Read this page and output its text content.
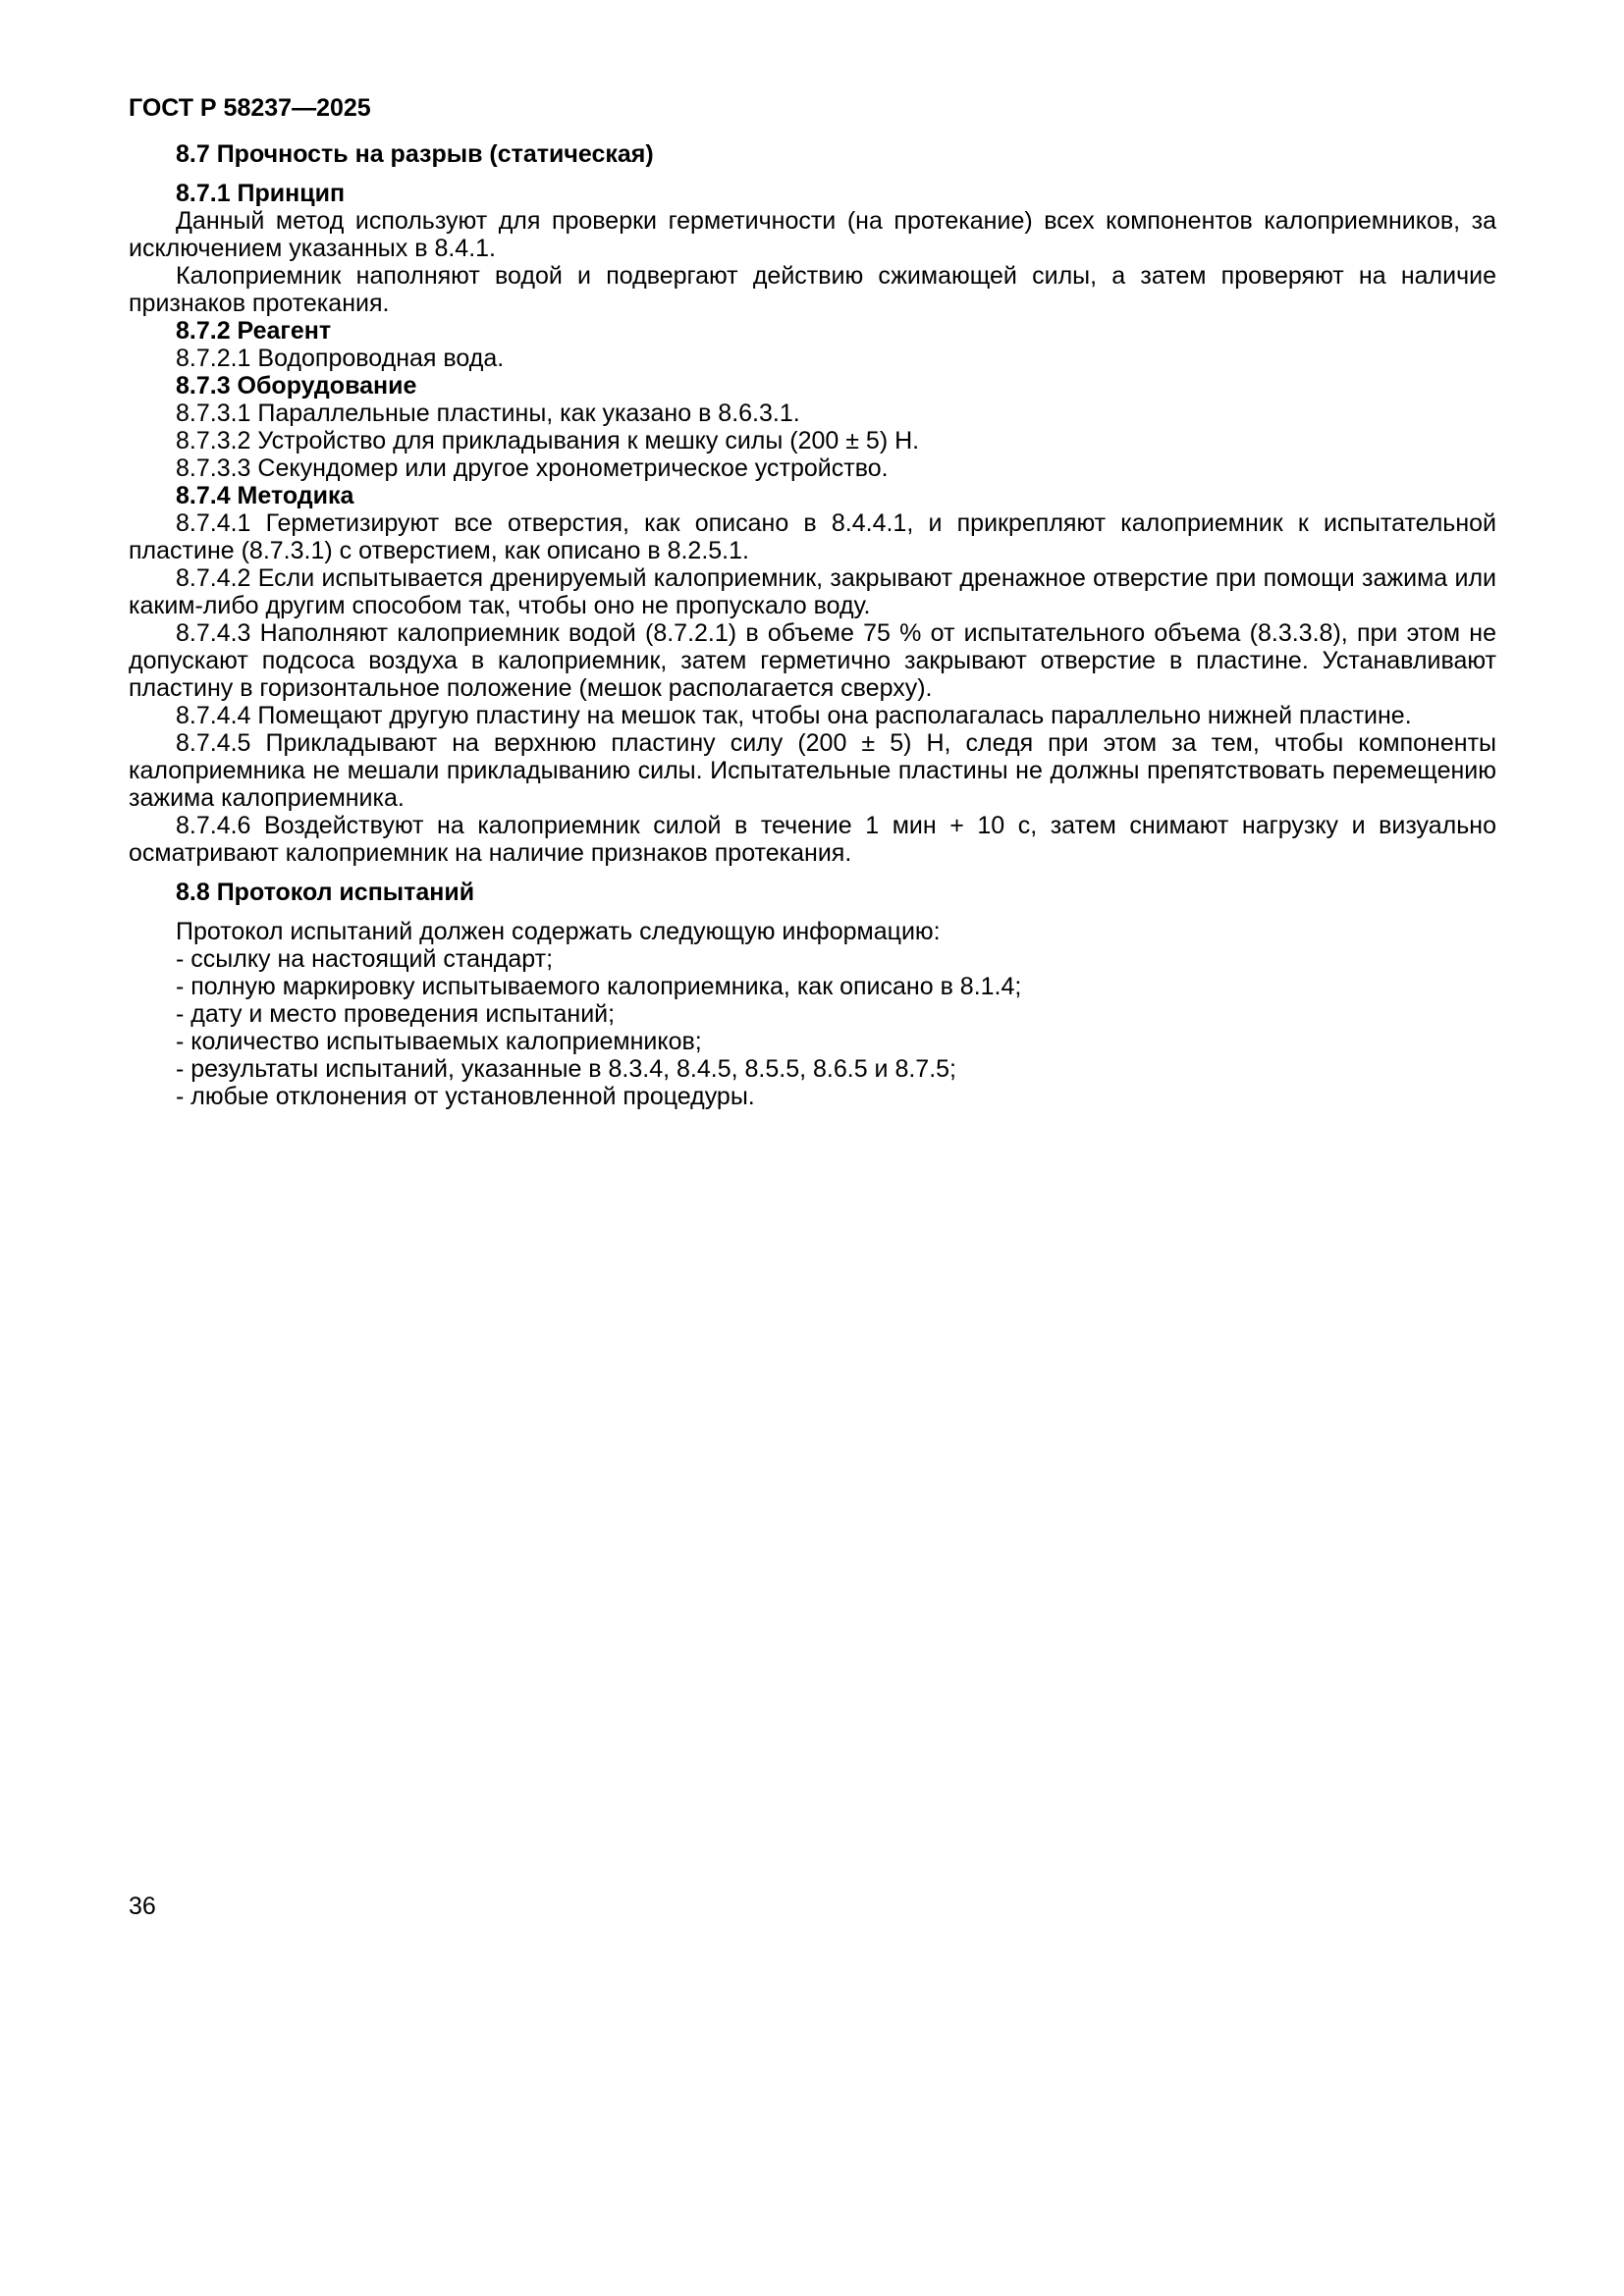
ГОСТ Р 58237—2025

8.7 Прочность на разрыв (статическая)

8.7.1 Принцип

Данный метод используют для проверки герметичности (на протекание) всех компонентов калоприемников, за исключением указанных в 8.4.1.

Калоприемник наполняют водой и подвергают действию сжимающей силы, а затем проверяют на наличие признаков протекания.

8.7.2 Реагент

8.7.2.1 Водопроводная вода.

8.7.3 Оборудование

8.7.3.1 Параллельные пластины, как указано в 8.6.3.1.

8.7.3.2 Устройство для прикладывания к мешку силы (200 ± 5) Н.

8.7.3.3 Секундомер или другое хронометрическое устройство.

8.7.4 Методика

8.7.4.1 Герметизируют все отверстия, как описано в 8.4.4.1, и прикрепляют калоприемник к испытательной пластине (8.7.3.1) с отверстием, как описано в 8.2.5.1.

8.7.4.2 Если испытывается дренируемый калоприемник, закрывают дренажное отверстие при помощи зажима или каким-либо другим способом так, чтобы оно не пропускало воду.

8.7.4.3 Наполняют калоприемник водой (8.7.2.1) в объеме 75 % от испытательного объема (8.3.3.8), при этом не допускают подсоса воздуха в калоприемник, затем герметично закрывают отверстие в пластине. Устанавливают пластину в горизонтальное положение (мешок располагается сверху).

8.7.4.4 Помещают другую пластину на мешок так, чтобы она располагалась параллельно нижней пластине.

8.7.4.5 Прикладывают на верхнюю пластину силу (200 ± 5) Н, следя при этом за тем, чтобы компоненты калоприемника не мешали прикладыванию силы. Испытательные пластины не должны препятствовать перемещению зажима калоприемника.

8.7.4.6 Воздействуют на калоприемник силой в течение 1 мин + 10 с, затем снимают нагрузку и визуально осматривают калоприемник на наличие признаков протекания.

8.8 Протокол испытаний

Протокол испытаний должен содержать следующую информацию:

- ссылку на настоящий стандарт;

- полную маркировку испытываемого калоприемника, как описано в 8.1.4;

- дату и место проведения испытаний;

- количество испытываемых калоприемников;

- результаты испытаний, указанные в 8.3.4, 8.4.5, 8.5.5, 8.6.5 и 8.7.5;

- любые отклонения от установленной процедуры.

36
